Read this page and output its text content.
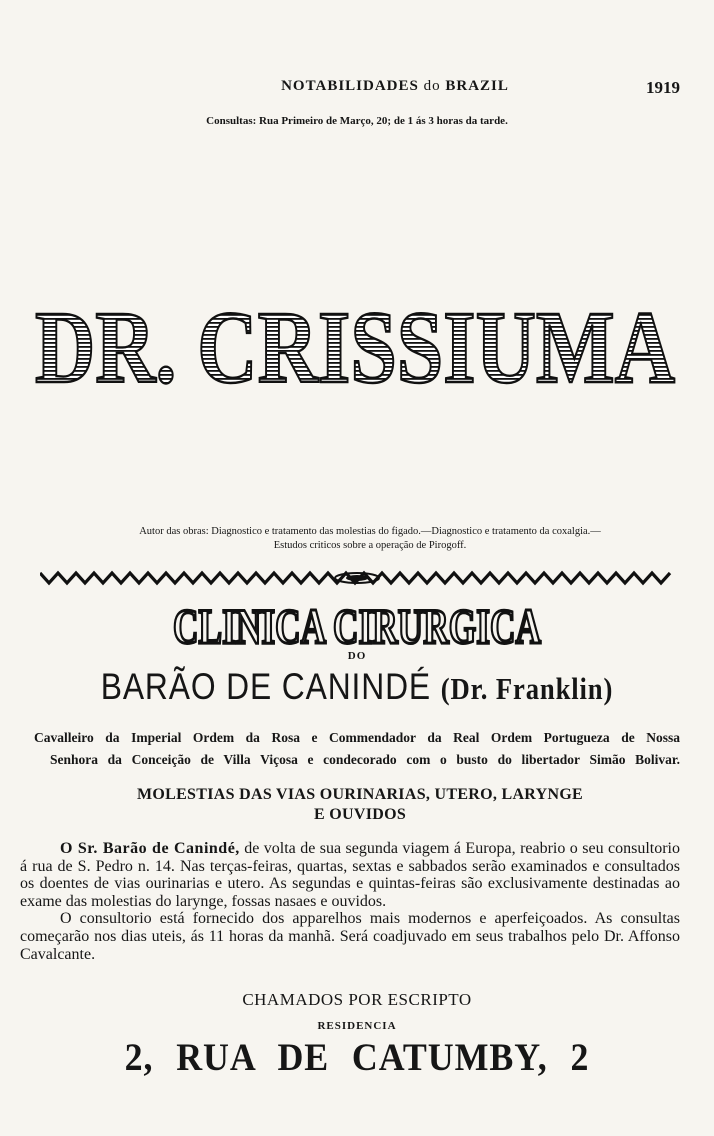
NOTABILIDADES do BRAZIL	1919
Consultas: Rua Primeiro de Março, 20; de 1 ás 3 horas da tarde.
DR. CRISSIUMA
Autor das obras: Diagnostico e tratamento das molestias do figado.—Diagnostico e tratamento da coxalgia.—
Estudos criticos sobre a operação de Pirogoff.
CLINICA CIRURGICA
DO
BARÃO DE CANINDÉ (Dr. Franklin)
Cavalleiro da Imperial Ordem da Rosa e Commendador da Real Ordem Portugueza de Nossa
Senhora da Conceição de Villa Viçosa e condecorado com o busto do libertador Simão Bolivar.
MOLESTIAS DAS VIAS OURINARIAS, UTERO, LARYNGE
E OUVIDOS

O Sr. Barão de Canindé, de volta de sua segunda viagem á Europa, reabrio o seu consultorio á rua de S. Pedro n. 14. Nas terças-feiras, quartas, sextas e sabbados serão examinados e consultados os doentes de vias ourinarias e utero. As segundas e quintas-feiras são exclusivamente destinadas ao exame das molestias do larynge, fossas nasaes e ouvidos.

O consultorio está fornecido dos apparelhos mais modernos e aperfeiçoados. As consultas começarão nos dias uteis, ás 11 horas da manhã. Será coadjuvado em seus trabalhos pelo Dr. Affonso Cavalcante.

CHAMADOS POR ESCRIPTO
RESIDENCIA
2, RUA DE CATUMBY, 2
